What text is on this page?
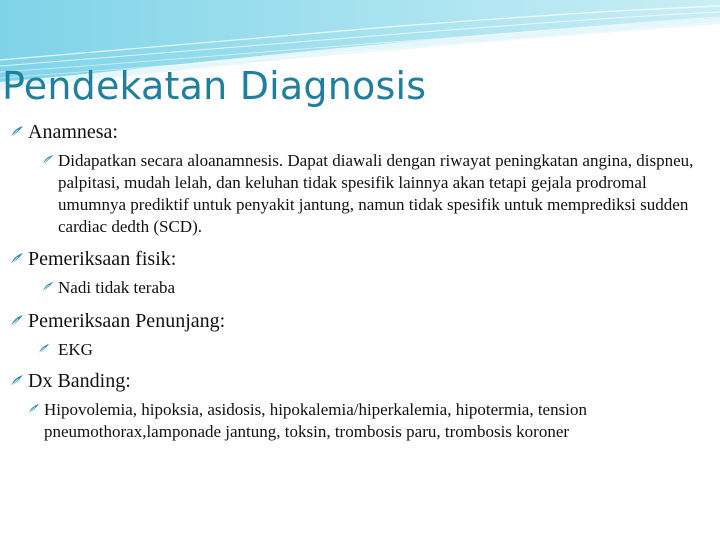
Pendekatan Diagnosis
Anamnesa:
Didapatkan secara aloanamnesis. Dapat diawali dengan riwayat peningkatan angina, dispneu, palpitasi, mudah lelah, dan keluhan tidak spesifik lainnya akan tetapi gejala prodromal umumnya prediktif untuk penyakit jantung, namun tidak spesifik untuk memprediksi sudden cardiac dedth (SCD).
Pemeriksaan fisik:
Nadi tidak teraba
Pemeriksaan Penunjang:
EKG
Dx Banding:
Hipovolemia, hipoksia, asidosis, hipokalemia/hiperkalemia, hipotermia, tension pneumothorax,lamponade jantung, toksin, trombosis paru, trombosis koroner
